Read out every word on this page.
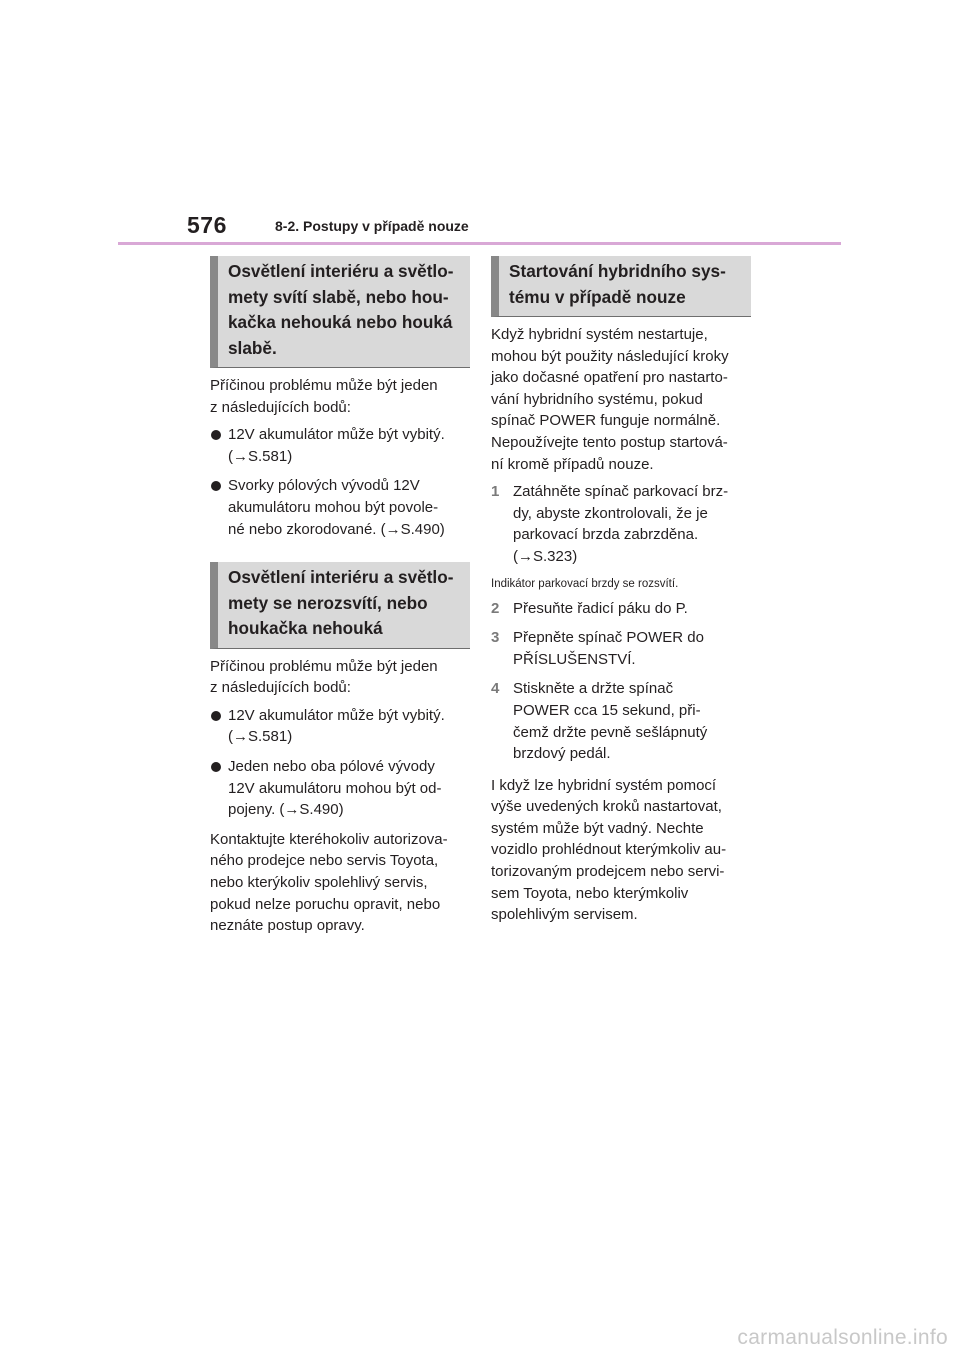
576	8-2. Postupy v případě nouze
Osvětlení interiéru a světlo-
mety svítí slabě, nebo hou-
kačka nehouká nebo houká
slabě.

Příčinou problému může být jeden
z následujících bodů:

12V akumulátor může být vybitý.
(→S.581)
Svorky pólových vývodů 12V
akumulátoru mohou být povole-
né nebo zkorodované. (→S.490)
Osvětlení interiéru a světlo-
mety se nerozsvítí, nebo
houkačka nehouká

Příčinou problému může být jeden
z následujících bodů:

12V akumulátor může být vybitý.
(→S.581)
Jeden nebo oba pólové vývody
12V akumulátoru mohou být od-
pojeny. (→S.490)

Kontaktujte kteréhokoliv autorizova-
ného prodejce nebo servis Toyota,
nebo kterýkoliv spolehlivý servis,
pokud nelze poruchu opravit, nebo
neznáte postup opravy.

Startování hybridního sys-
tému v případě nouze

Když hybridní systém nestartuje,
mohou být použity následující kroky
jako dočasné opatření pro nastarto-
vání hybridního systému, pokud
spínač POWER funguje normálně.
Nepoužívejte tento postup startová-
ní kromě případů nouze.

1 Zatáhněte spínač parkovací brz-
dy, abyste zkontrolovali, že je
parkovací brzda zabrzděna.
(→S.323)

Indikátor parkovací brzdy se rozsvítí.

2 Přesuňte řadicí páku do P.
3 Přepněte spínač POWER do
PŘÍSLUŠENSTVÍ.
4 Stiskněte a držte spínač
POWER cca 15 sekund, při-
čemž držte pevně sešlápnutý
brzdový pedál.

I když lze hybridní systém pomocí
výše uvedených kroků nastartovat,
systém může být vadný. Nechte
vozidlo prohlédnout kterýmkoliv au-
torizovaným prodejcem nebo servi-
sem Toyota, nebo kterýmkoliv
spolehlivým servisem.

carmanualsonline.info
